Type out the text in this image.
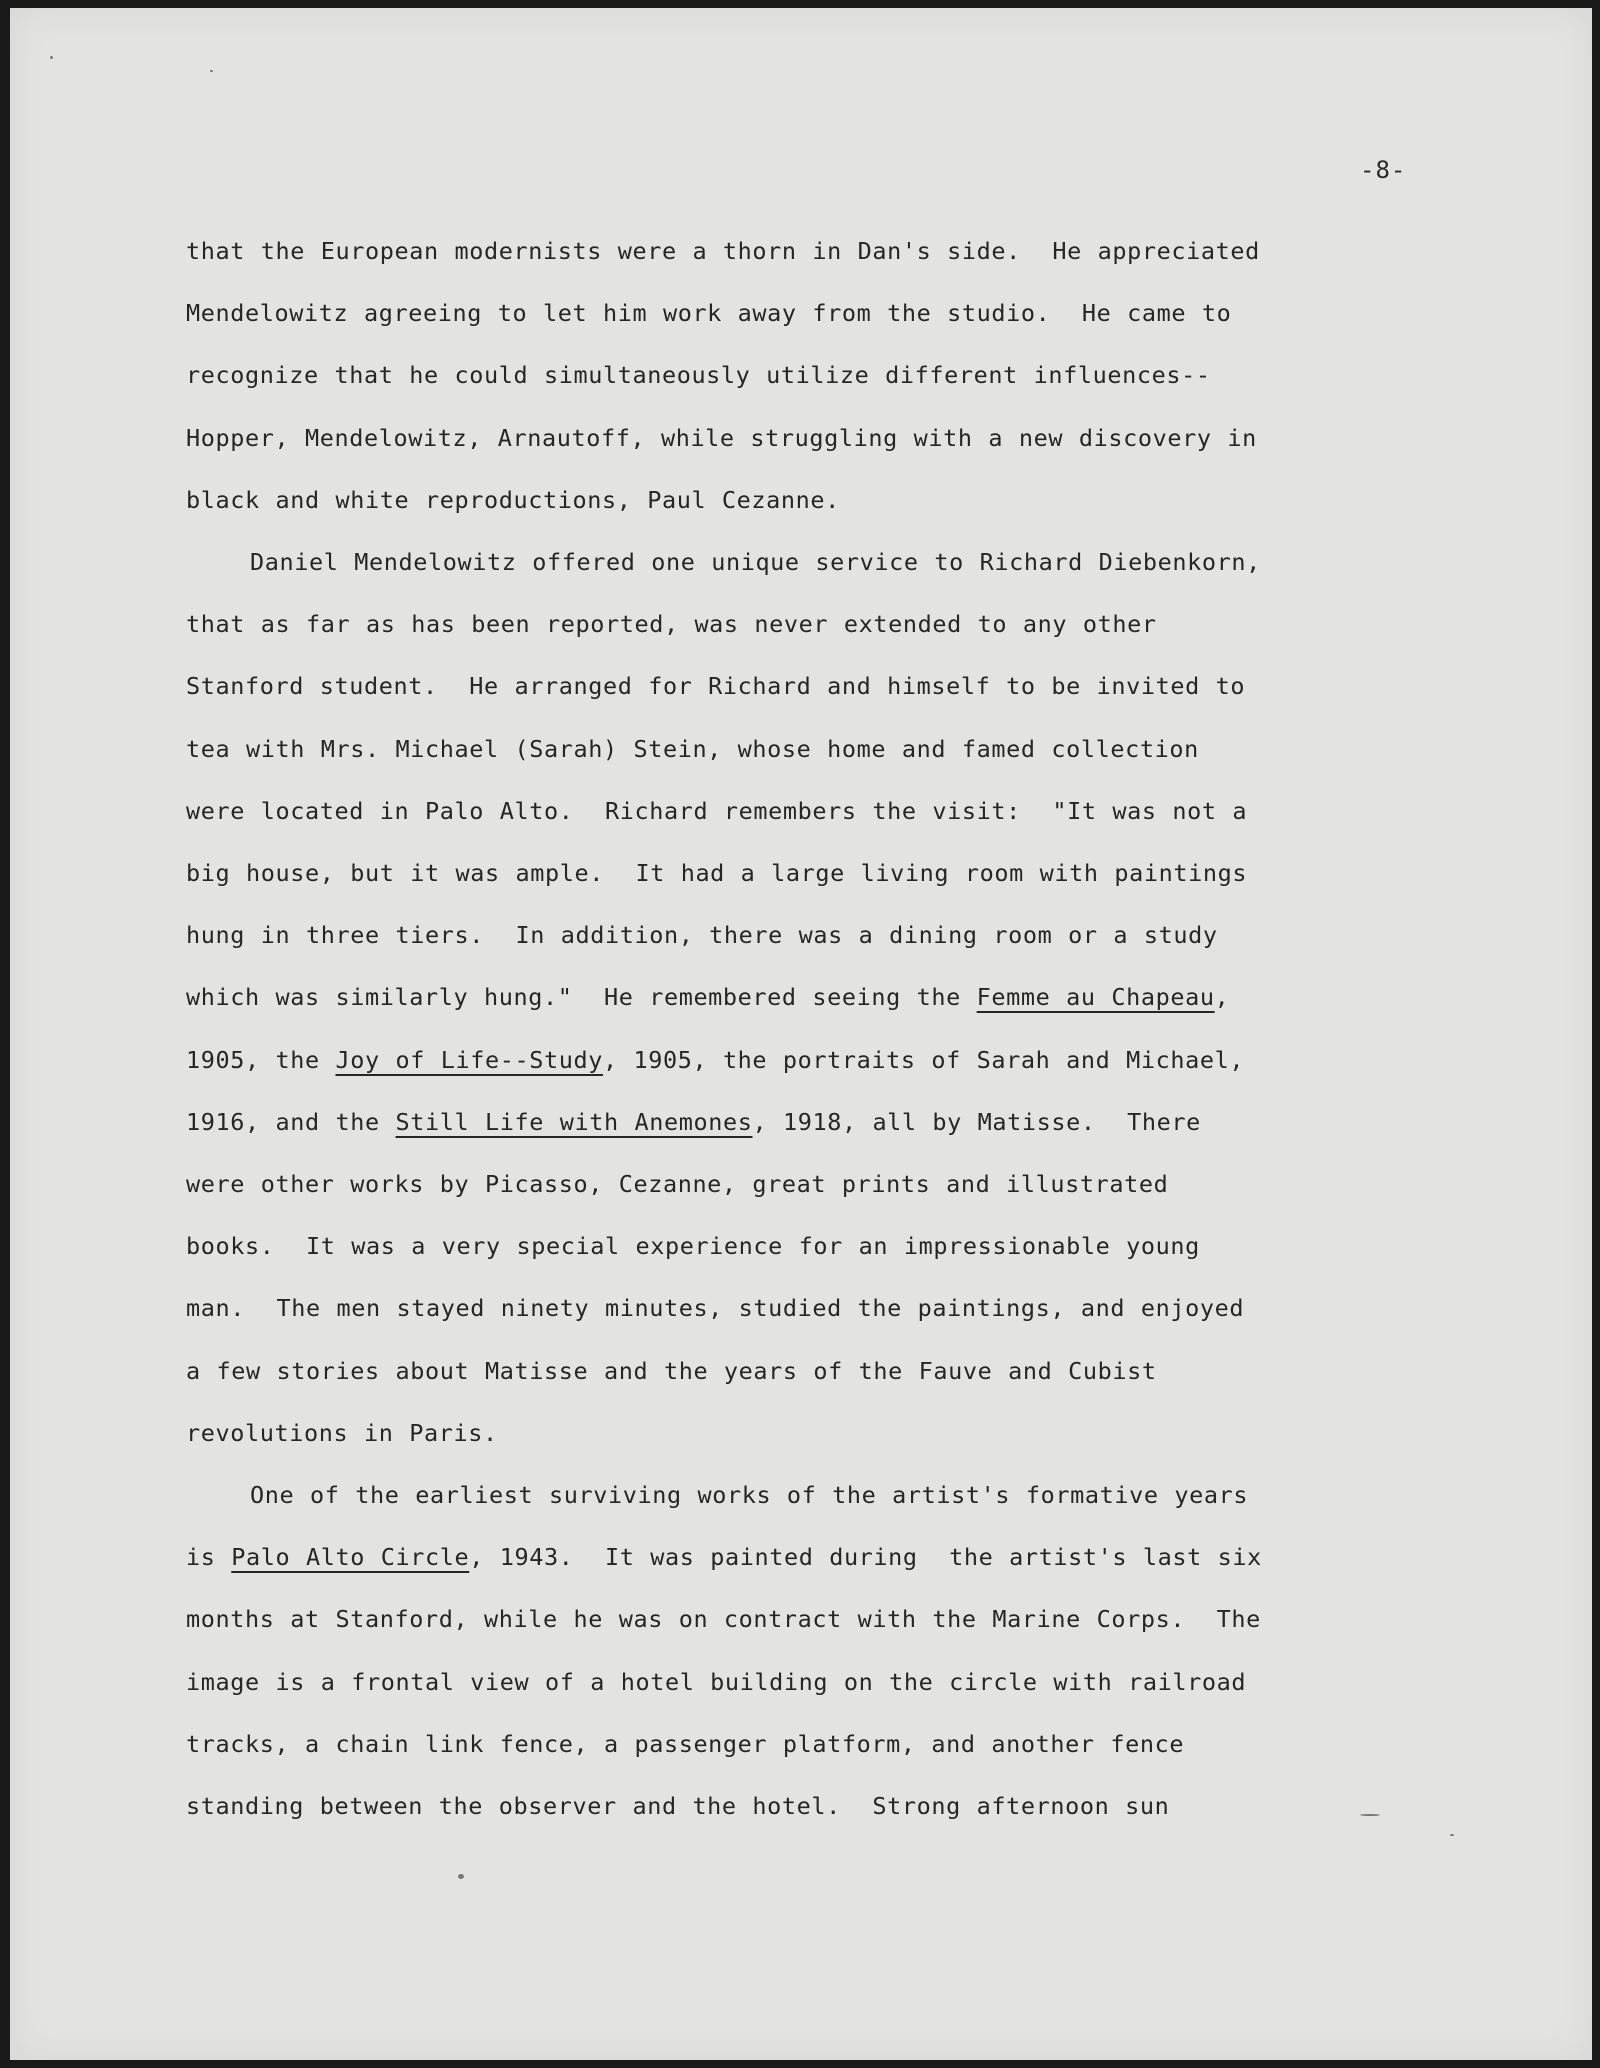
-8-

that the European modernists were a thorn in Dan's side.  He appreciated
Mendelowitz agreeing to let him work away from the studio.  He came to
recognize that he could simultaneously utilize different influences--
Hopper, Mendelowitz, Arnautoff, while struggling with a new discovery in
black and white reproductions, Paul Cezanne.

Daniel Mendelowitz offered one unique service to Richard Diebenkorn,
that as far as has been reported, was never extended to any other
Stanford student.  He arranged for Richard and himself to be invited to
tea with Mrs. Michael (Sarah) Stein, whose home and famed collection
were located in Palo Alto.  Richard remembers the visit:  "It was not a
big house, but it was ample.  It had a large living room with paintings
hung in three tiers.  In addition, there was a dining room or a study
which was similarly hung."  He remembered seeing the Femme au Chapeau,
1905, the Joy of Life--Study, 1905, the portraits of Sarah and Michael,
1916, and the Still Life with Anemones, 1918, all by Matisse.  There
were other works by Picasso, Cezanne, great prints and illustrated
books.  It was a very special experience for an impressionable young
man.  The men stayed ninety minutes, studied the paintings, and enjoyed
a few stories about Matisse and the years of the Fauve and Cubist
revolutions in Paris.

One of the earliest surviving works of the artist's formative years
is Palo Alto Circle, 1943.  It was painted during  the artist's last six
months at Stanford, while he was on contract with the Marine Corps.  The
image is a frontal view of a hotel building on the circle with railroad
tracks, a chain link fence, a passenger platform, and another fence
standing between the observer and the hotel.  Strong afternoon sun
